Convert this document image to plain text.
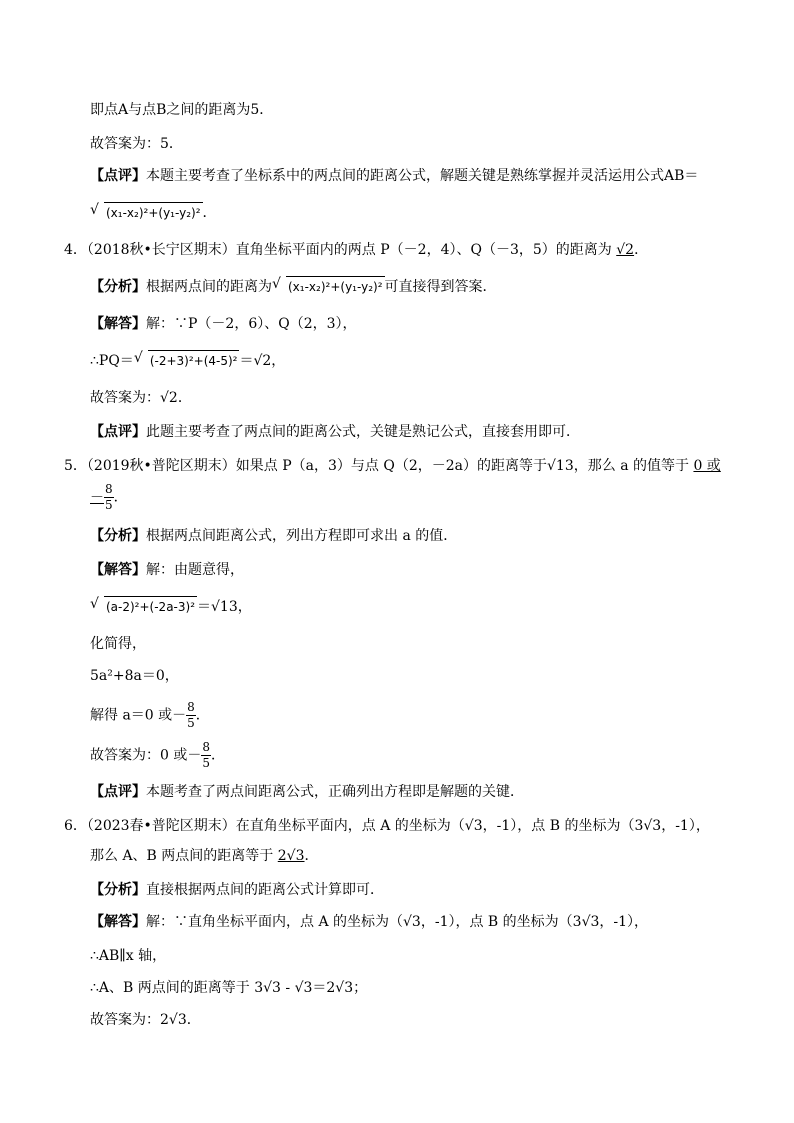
即点A与点B之间的距离为5．
故答案为：5．
【点评】本题主要考查了坐标系中的两点间的距离公式，解题关键是熟练掌握并灵活运用公式AB＝
√ (x₁-x₂)²+(y₁-y₂)² ．
4．（2018秋•长宁区期末）直角坐标平面内的两点 P（－2，4）、Q（－3，5）的距离为 √2．
【分析】根据两点间的距离为 √ (x₁-x₂)²+(y₁-y₂)² 可直接得到答案．
【解答】解：∵P（－2，6）、Q（2，3），
∴PQ＝ √ (-2+3)²+(4-5)² ＝√2，
故答案为：√2．
【点评】此题主要考查了两点间的距离公式，关键是熟记公式，直接套用即可．
5．（2019秋•普陀区期末）如果点 P（a，3）与点 Q（2，－2a）的距离等于√13，那么 a 的值等于 0 或
－ $\frac{8}{5}$ ．
【分析】根据两点间距离公式，列出方程即可求出 a 的值．
【解答】解：由题意得，
√ (a-2)²+(-2a-3)² ＝√13，
化简得，
5a²+8a＝0，
解得 a＝0 或－ $\frac{8}{5}$ ．
故答案为：0 或－ $\frac{8}{5}$ ．
【点评】本题考查了两点间距离公式，正确列出方程即是解题的关键．
6．（2023春•普陀区期末）在直角坐标平面内，点 A 的坐标为（√3，-1），点 B 的坐标为（3√3，-1），
那么 A、B 两点间的距离等于 2√3．
【分析】直接根据两点间的距离公式计算即可．
【解答】解：∵直角坐标平面内，点 A 的坐标为（√3，-1），点 B 的坐标为（3√3，-1），
∴AB∥x 轴，
∴A、B 两点间的距离等于 3√3 - √3＝2√3；
故答案为：2√3．
